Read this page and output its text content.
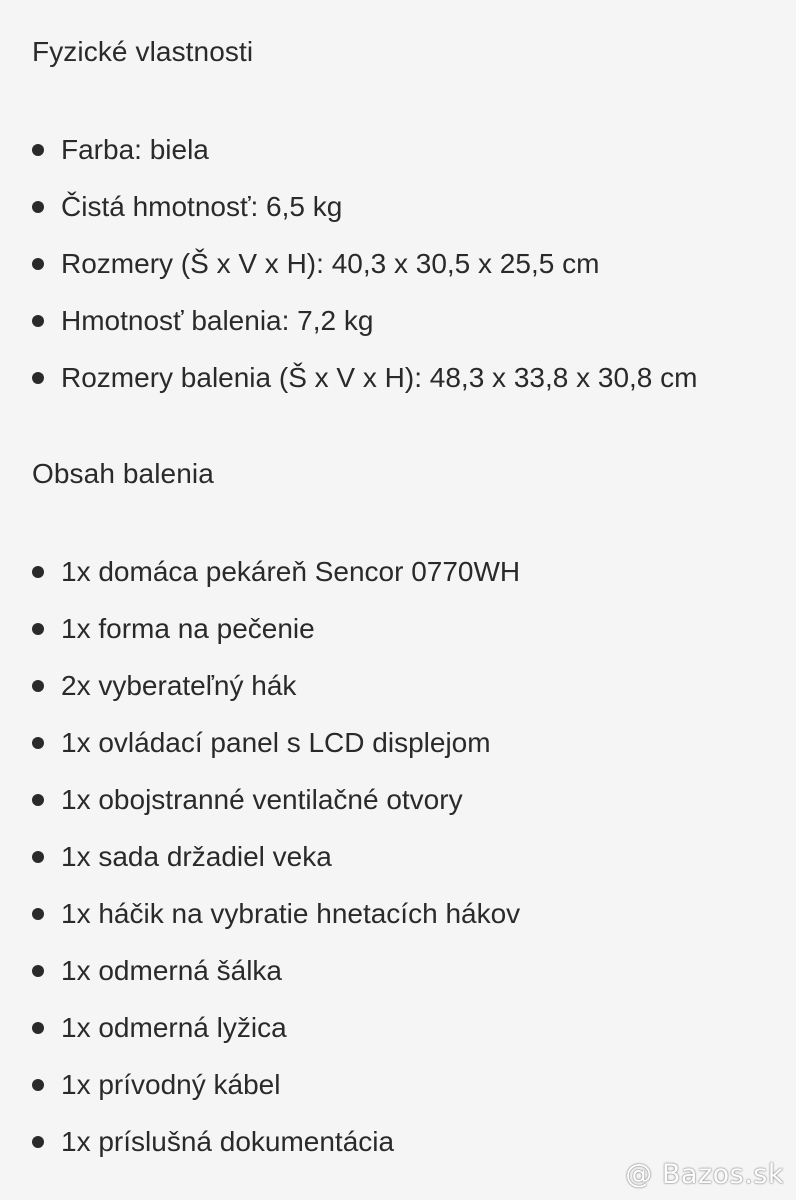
Fyzické vlastnosti
Farba: biela
Čistá hmotnosť: 6,5 kg
Rozmery (Š x V x H): 40,3 x 30,5 x 25,5 cm
Hmotnosť balenia: 7,2 kg
Rozmery balenia (Š x V x H): 48,3 x 33,8 x 30,8 cm
Obsah balenia
1x domáca pekáreň Sencor 0770WH
1x forma na pečenie
2x vyberateľný hák
1x ovládací panel s LCD displejom
1x obojstranné ventilačné otvory
1x sada držadiel veka
1x háčik na vybratie hnetacích hákov
1x odmerná šálka
1x odmerná lyžica
1x prívodný kábel
1x príslušná dokumentácia
@ Bazos.sk
